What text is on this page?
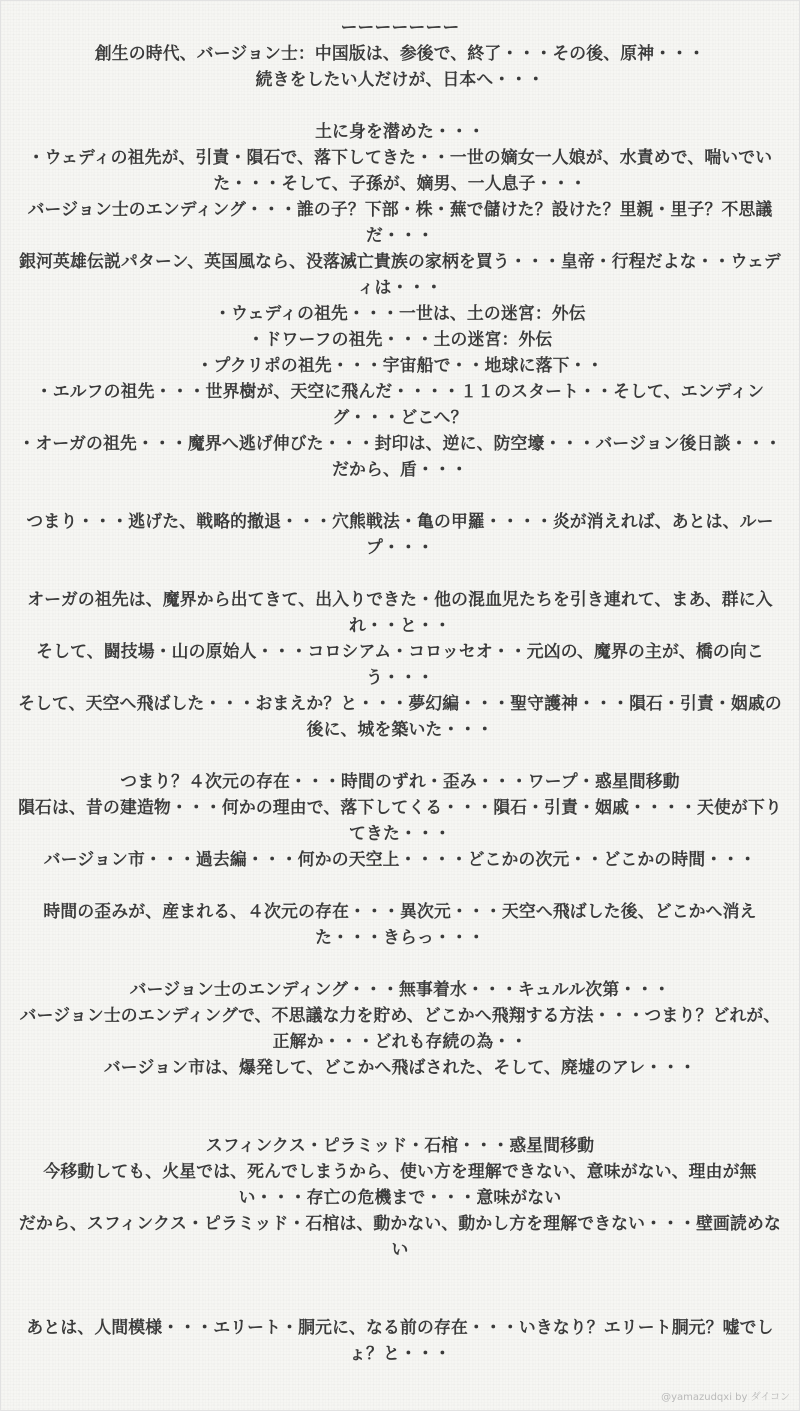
ーーーーーーー

創生の時代、バージョン士：中国版は、参後で、終了・・・その後、原神・・・

続きをしたい人だけが、日本へ・・・

土に身を潜めた・・・

・ウェディの祖先が、引責・隕石で、落下してきた・・一世の嫡女一人娘が、水責めで、喘いでいた・・・そして、子孫が、嫡男、一人息子・・・

バージョン士のエンディング・・・誰の子？下部・株・蕪で儲けた？設けた？里親・里子？不思議だ・・・

銀河英雄伝説パターン、英国風なら、没落滅亡貴族の家柄を買う・・・皇帝・行程だよな・・ウェディは・・・

・ウェディの祖先・・・一世は、土の迷宮：外伝

・ドワーフの祖先・・・土の迷宮：外伝

・プクリポの祖先・・・宇宙船で・・地球に落下・・

・エルフの祖先・・・世界樹が、天空に飛んだ・・・・１１のスタート・・そして、エンディング・・・どこへ？

・オーガの祖先・・・魔界へ逃げ伸びた・・・封印は、逆に、防空壕・・・バージョン後日談・・・だから、盾・・・

つまり・・・逃げた、戦略的撤退・・・穴熊戦法・亀の甲羅・・・・炎が消えれば、あとは、ループ・・・

オーガの祖先は、魔界から出てきて、出入りできた・他の混血児たちを引き連れて、まあ、群に入れ・・と・・

そして、闘技場・山の原始人・・・コロシアム・コロッセオ・・元凶の、魔界の主が、橋の向こう・・・

そして、天空へ飛ばした・・・おまえか？と・・・夢幻編・・・聖守護神・・・隕石・引責・姻戚の後に、城を築いた・・・

つまり？４次元の存在・・・時間のずれ・歪み・・・ワープ・惑星間移動

隕石は、昔の建造物・・・何かの理由で、落下してくる・・・隕石・引責・姻戚・・・・天使が下りてきた・・・

バージョン市・・・過去編・・・何かの天空上・・・・どこかの次元・・どこかの時間・・・

時間の歪みが、産まれる、４次元の存在・・・異次元・・・天空へ飛ばした後、どこかへ消えた・・・きらっ・・・

バージョン士のエンディング・・・無事着水・・・キュルル次第・・・

バージョン士のエンディングで、不思議な力を貯め、どこかへ飛翔する方法・・・つまり？どれが、正解か・・・どれも存続の為・・

バージョン市は、爆発して、どこかへ飛ばされた、そして、廃墟のアレ・・・

スフィンクス・ピラミッド・石棺・・・惑星間移動

今移動しても、火星では、死んでしまうから、使い方を理解できない、意味がない、理由が無い・・・存亡の危機まで・・・意味がない

だから、スフィンクス・ピラミッド・石棺は、動かない、動かし方を理解できない・・・壁画読めない

あとは、人間模様・・・エリート・胴元に、なる前の存在・・・いきなり？エリート胴元？嘘でしょ？と・・・

@yamazudqxi by ダイコン
